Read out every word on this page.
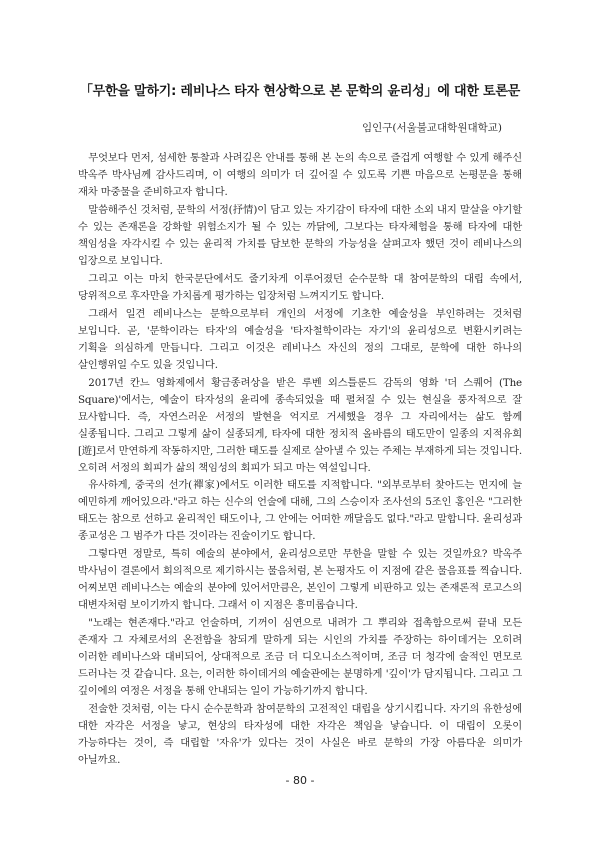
「무한을 말하기: 레비나스 타자 현상학으로 본 문학의 윤리성」에 대한 토론문
임인구(서울불교대학원대학교)

무엇보다 먼저, 섬세한 통찰과 사려깊은 안내를 통해 본 논의 속으로 즐겁게 여행할 수 있게 해주신 박옥주 박사님께 감사드리며, 이 여행의 의미가 더 깊어질 수 있도록 기쁜 마음으로 논평문을 통해 재차 마중물을 준비하고자 합니다.

말씀해주신 것처럼, 문학의 서정(抒情)이 담고 있는 자기감이 타자에 대한 소외 내지 말살을 야기할 수 있는 존재론을 강화할 위험소지가 될 수 있는 까닭에, 그보다는 타자체험을 통해 타자에 대한 책임성을 자각시킬 수 있는 윤리적 가치를 담보한 문학의 가능성을 살펴고자 했던 것이 레비나스의 입장으로 보입니다.

그리고 이는 마치 한국문단에서도 줄기차게 이루어졌던 순수문학 대 참여문학의 대립 속에서, 당위적으로 후자만을 가치롭게 평가하는 입장처럼 느껴지기도 합니다.

그래서 일견 레비나스는 문학으로부터 개인의 서정에 기초한 예술성을 부인하려는 것처럼 보입니다. 곧, '문학이라는 타자'의 예술성을 '타자철학이라는 자기'의 윤리성으로 변환시키려는 기획을 의심하게 만듭니다. 그리고 이것은 레비나스 자신의 정의 그대로, 문학에 대한 하나의 살인행위일 수도 있을 것입니다.

2017년 칸느 영화제에서 황금종려상을 받은 루벤 외스틀룬드 감독의 영화 '더 스퀘어 (The Square)'에서는, 예술이 타자성의 윤리에 종속되었을 때 펼쳐질 수 있는 현실을 풍자적으로 잘 묘사합니다. 즉, 자연스러운 서정의 발현을 억지로 거세했을 경우 그 자리에서는 삶도 함께 실종됩니다. 그리고 그렇게 삶이 실종되게, 타자에 대한 정치적 올바름의 태도만이 일종의 지적유희[遊]로서 만연하게 작동하지만, 그러한 태도를 실제로 살아낼 수 있는 주체는 부재하게 되는 것입니다. 오히려 서정의 회피가 삶의 책임성의 회피가 되고 마는 역설입니다.

유사하게, 중국의 선가(禪家)에서도 이러한 태도를 지적합니다. "외부로부터 찾아드는 먼지에 늘 예민하게 깨어있으라."라고 하는 신수의 언술에 대해, 그의 스승이자 조사선의 5조인 홍인은 "그러한 태도는 참으로 선하고 윤리적인 태도이나, 그 안에는 어떠한 깨달음도 없다."라고 말합니다. 윤리성과 종교성은 그 범주가 다른 것이라는 진술이기도 합니다.

그렇다면 정말로, 특히 예술의 분야에서, 윤리성으로만 무한을 말할 수 있는 것일까요? 박옥주 박사님이 결론에서 회의적으로 제기하시는 물음처럼, 본 논평자도 이 지점에 같은 물음표를 찍습니다. 어찌보면 레비나스는 예술의 분야에 있어서만큼은, 본인이 그렇게 비판하고 있는 존재론적 로고스의 대변자처럼 보이기까지 합니다. 그래서 이 지점은 흥미롭습니다.

"노래는 현존재다."라고 언술하며, 기꺼이 심연으로 내려가 그 뿌리와 접촉함으로써 끝내 모든 존재자 그 자체로서의 온전함을 참되게 말하게 되는 시인의 가치를 주장하는 하이데거는 오히려 이러한 레비나스와 대비되어, 상대적으로 조금 더 디오니소스적이며, 조금 더 청각에 술적인 면모로 드러나는 것 같습니다. 요는, 이러한 하이데거의 예술관에는 분명하게 '깊이'가 담지됩니다. 그리고 그 깊이에의 여정은 서정을 통해 안내되는 일이 가능하기까지 합니다.

전술한 것처럼, 이는 다시 순수문학과 참여문학의 고전적인 대립을 상기시킵니다. 자기의 유한성에 대한 자각은 서정을 낳고, 현상의 타자성에 대한 자각은 책임을 낳습니다. 이 대립이 오롯이 가능하다는 것이, 즉 대립할 '자유'가 있다는 것이 사실은 바로 문학의 가장 아름다운 의미가 아닐까요.

- 80 -
